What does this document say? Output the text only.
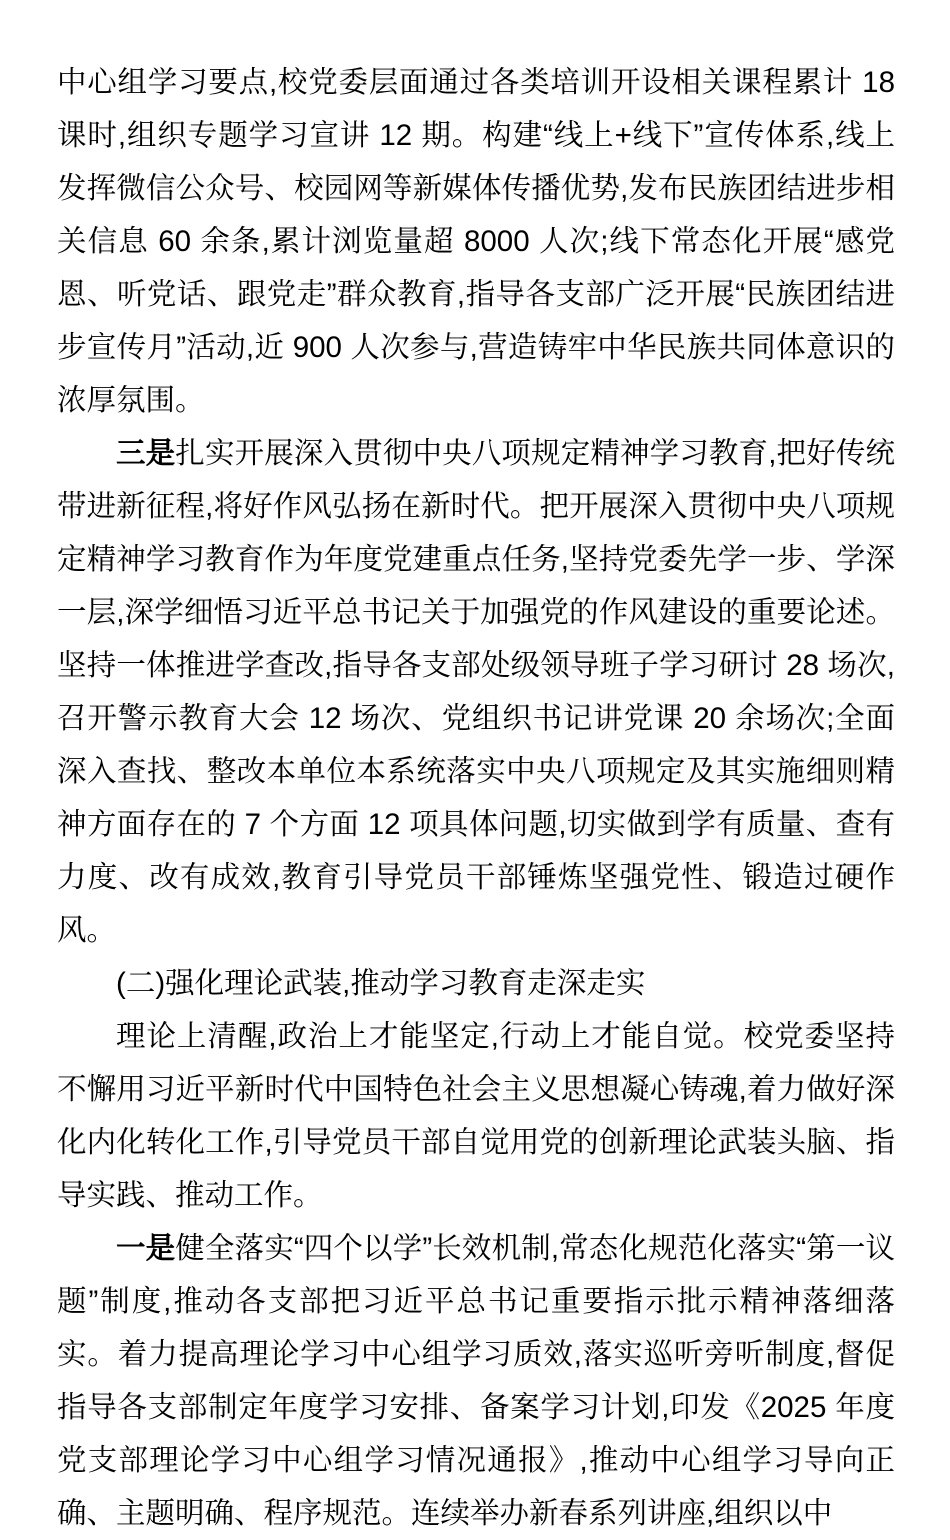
中心组学习要点,校党委层面通过各类培训开设相关课程累计 18 课时,组织专题学习宣讲 12 期。构建“线上+线下”宣传体系,线上发挥微信公众号、校园网等新媒体传播优势,发布民族团结进步相关信息 60 余条,累计浏览量超 8000 人次;线下常态化开展“感党恩、听党话、跟党走”群众教育,指导各支部广泛开展“民族团结进步宣传月”活动,近 900 人次参与,营造铸牢中华民族共同体意识的浓厚氛围。

三是扎实开展深入贯彻中央八项规定精神学习教育,把好传统带进新征程,将好作风弘扬在新时代。把开展深入贯彻中央八项规定精神学习教育作为年度党建重点任务,坚持党委先学一步、学深一层,深学细悟习近平总书记关于加强党的作风建设的重要论述。坚持一体推进学查改,指导各支部处级领导班子学习研讨 28 场次,召开警示教育大会 12 场次、党组织书记讲党课 20 余场次;全面深入查找、整改本单位本系统落实中央八项规定及其实施细则精神方面存在的 7 个方面 12 项具体问题,切实做到学有质量、查有力度、改有成效,教育引导党员干部锤炼坚强党性、锻造过硬作风。

(二)强化理论武装,推动学习教育走深走实

理论上清醒,政治上才能坚定,行动上才能自觉。校党委坚持不懈用习近平新时代中国特色社会主义思想凝心铸魂,着力做好深化内化转化工作,引导党员干部自觉用党的创新理论武装头脑、指导实践、推动工作。

一是健全落实“四个以学”长效机制,常态化规范化落实“第一议题”制度,推动各支部把习近平总书记重要指示批示精神落细落实。着力提高理论学习中心组学习质效,落实巡听旁听制度,督促指导各支部制定年度学习安排、备案学习计划,印发《2025 年度党支部理论学习中心组学习情况通报》,推动中心组学习导向正确、主题明确、程序规范。连续举办新春系列讲座,组织以中
